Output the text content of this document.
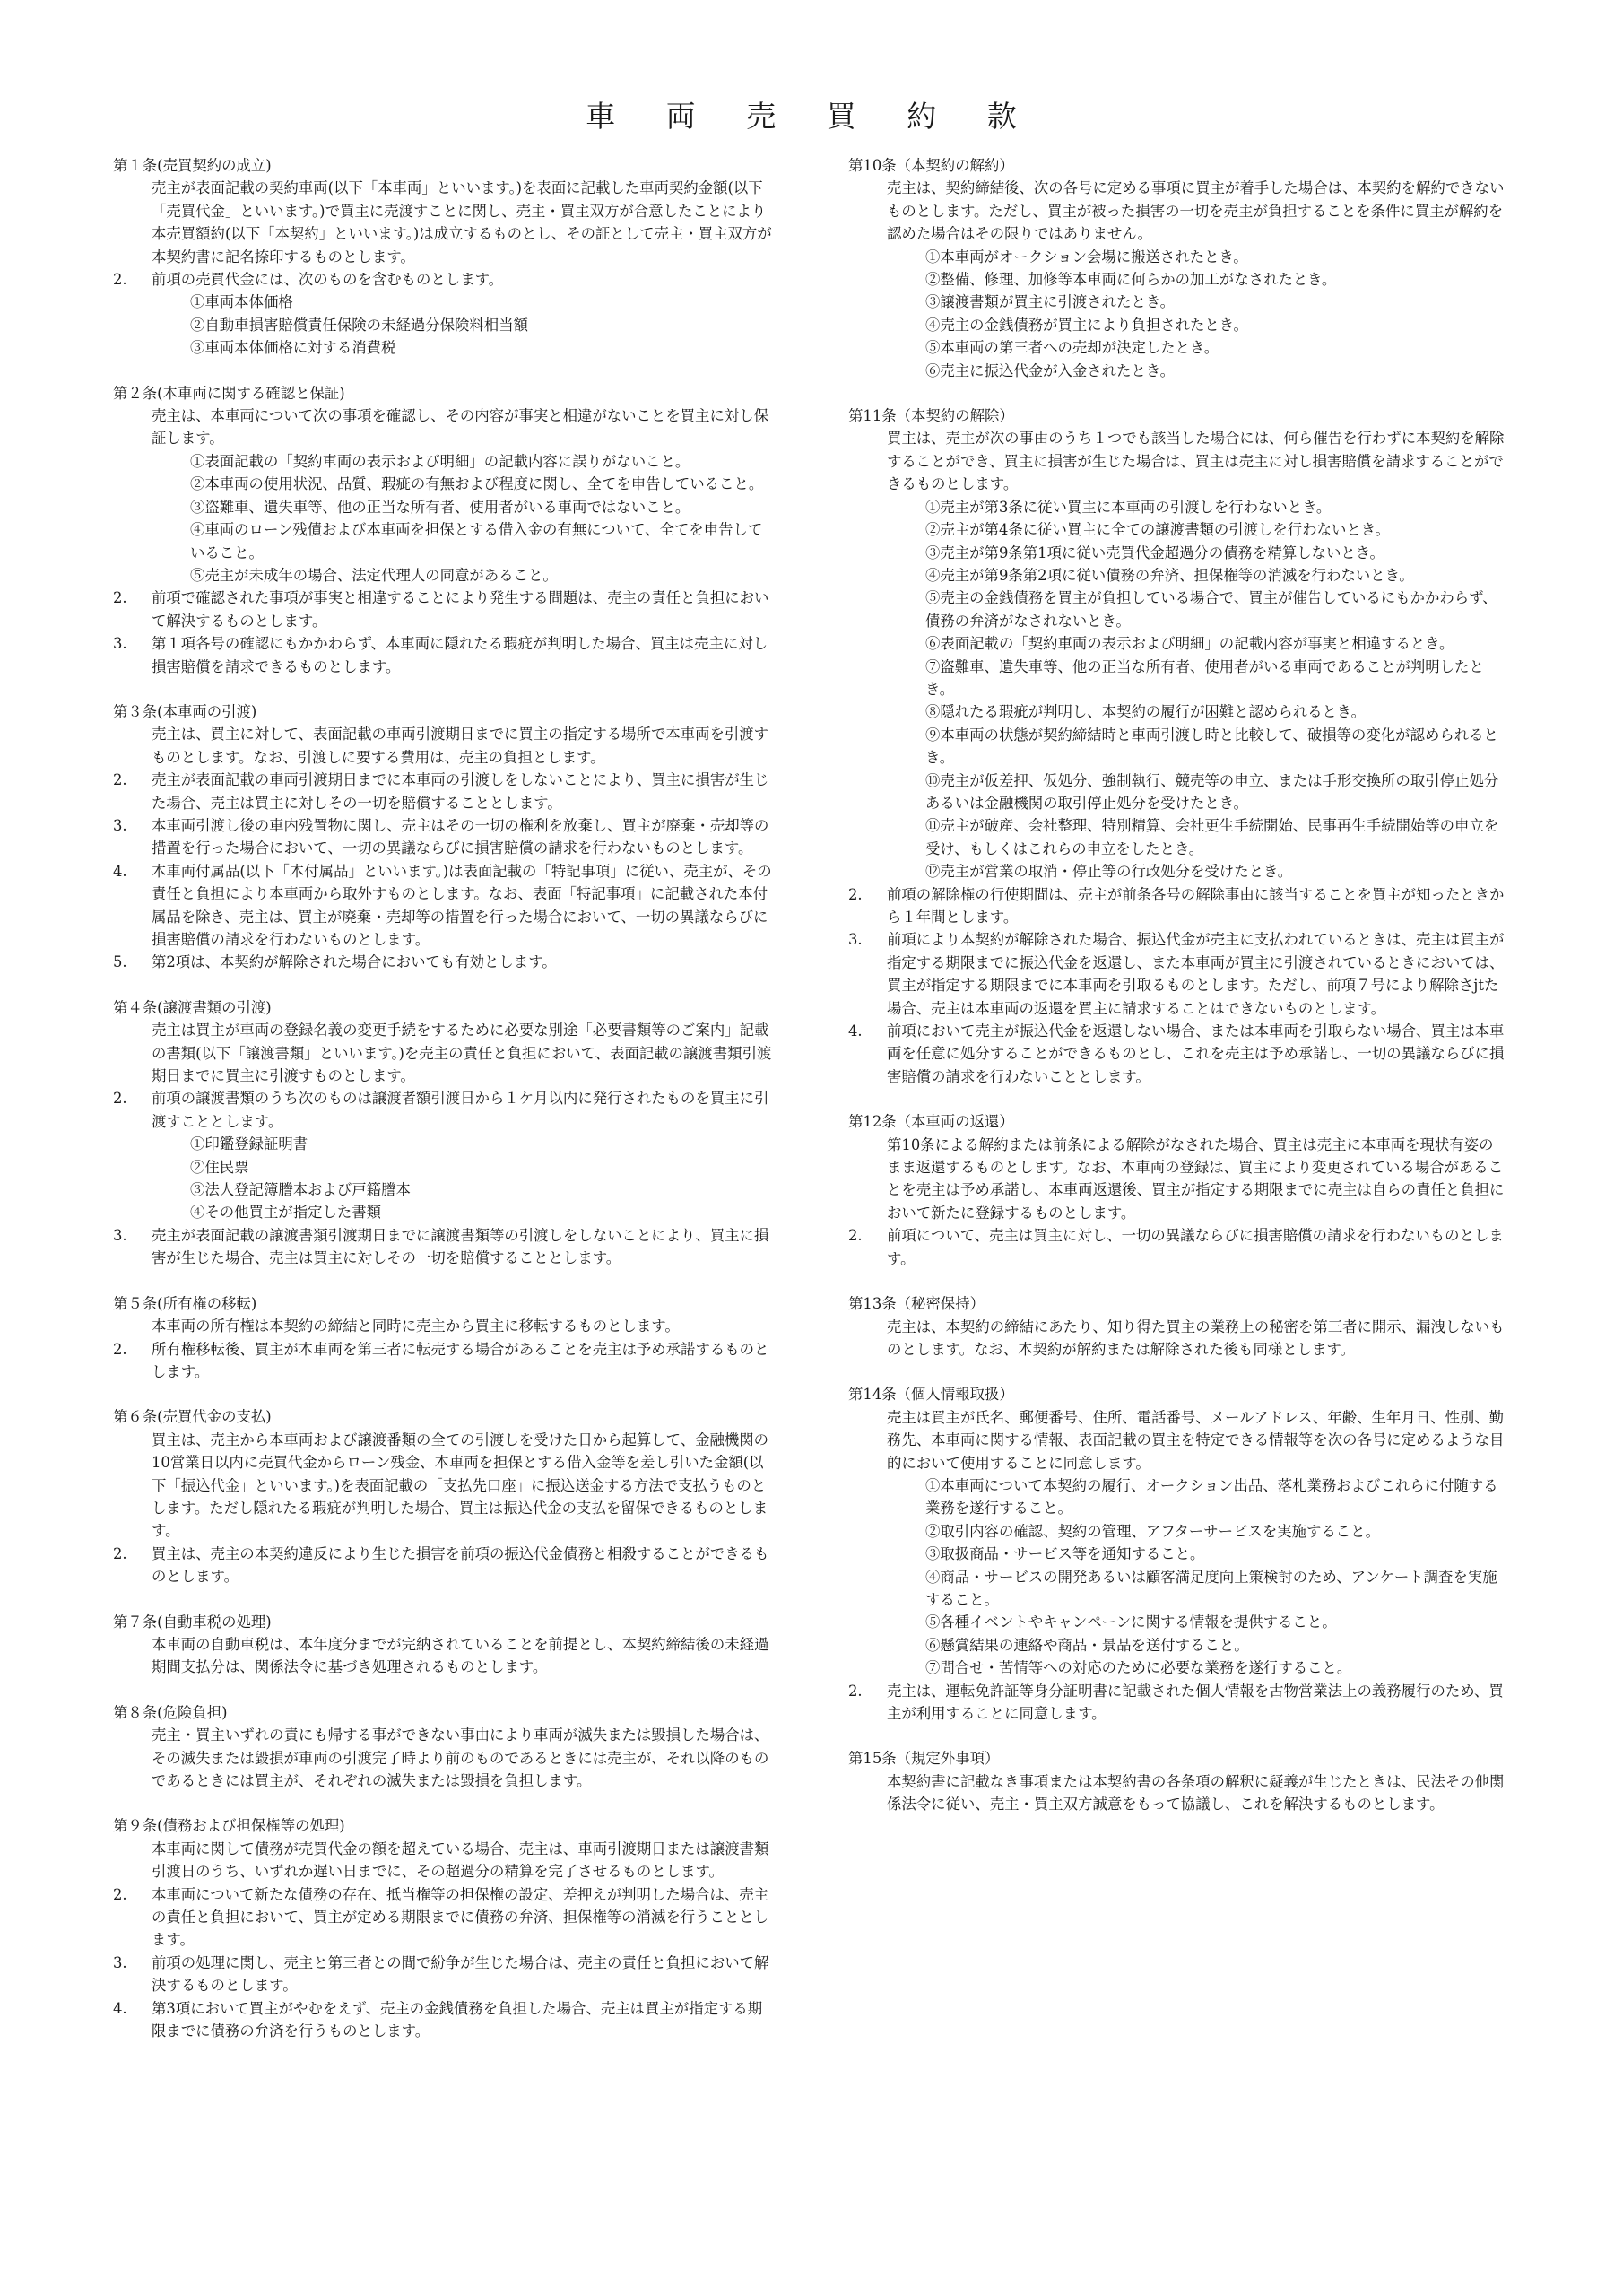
車 両 売 買 約 款
第１条(売買契約の成立)
売主が表面記載の契約車両(以下「本車両」といいます。)を表面に記載した車両契約金額(以下「売買代金」といいます。)で買主に売渡すことに関し、売主・買主双方が合意したことにより本売買額約(以下「本契約」といいます。)は成立するものとし、その証として売主・買主双方が本契約書に記名捺印するものとします。
2. 前項の売買代金には、次のものを含むものとします。
①車両本体価格
②自動車損害賠償責任保険の未経過分保険料相当額
③車両本体価格に対する消費税
第２条(本車両に関する確認と保証)
売主は、本車両について次の事項を確認し、その内容が事実と相違がないことを買主に対し保証します。
①表面記載の「契約車両の表示および明細」の記載内容に誤りがないこと。
②本車両の使用状況、品質、瑕疵の有無および程度に関し、全てを申告していること。
③盗難車、遺失車等、他の正当な所有者、使用者がいる車両ではないこと。
④車両のローン残債および本車両を担保とする借入金の有無について、全てを申告していること。
⑤売主が未成年の場合、法定代理人の同意があること。
2. 前項で確認された事項が事実と相違することにより発生する問題は、売主の責任と負担において解決するものとします。
3. 第１項各号の確認にもかかわらず、本車両に隠れたる瑕疵が判明した場合、買主は売主に対し損害賠償を請求できるものとします。
第３条(本車両の引渡)
売主は、買主に対して、表面記載の車両引渡期日までに買主の指定する場所で本車両を引渡すものとします。なお、引渡しに要する費用は、売主の負担とします。
2. 売主が表面記載の車両引渡期日までに本車両の引渡しをしないことにより、買主に損害が生じた場合、売主は買主に対しその一切を賠償することとします。
3. 本車両引渡し後の車内残置物に関し、売主はその一切の権利を放棄し、買主が廃棄・売却等の措置を行った場合において、一切の異議ならびに損害賠償の請求を行わないものとします。
4. 本車両付属品(以下「本付属品」といいます。)は表面記載の「特記事項」に従い、売主が、その責任と負担により本車両から取外すものとします。なお、表面「特記事項」に記載された本付属品を除き、売主は、買主が廃棄・売却等の措置を行った場合において、一切の異議ならびに損害賠償の請求を行わないものとします。
5. 第2項は、本契約が解除された場合においても有効とします。
第４条(譲渡書類の引渡)
売主は買主が車両の登録名義の変更手続をするために必要な別途「必要書類等のご案内」記載の書類(以下「譲渡書類」といいます。)を売主の責任と負担において、表面記載の譲渡書類引渡期日までに買主に引渡すものとします。
2. 前項の譲渡書類のうち次のものは譲渡者額引渡日から１ケ月以内に発行されたものを買主に引渡すこととします。
①印鑑登録証明書
②住民票
③法人登記簿謄本および戸籍謄本
④その他買主が指定した書類
3. 売主が表面記載の譲渡書類引渡期日までに譲渡書類等の引渡しをしないことにより、買主に損害が生じた場合、売主は買主に対しその一切を賠償することとします。
第５条(所有権の移転)
本車両の所有権は本契約の締結と同時に売主から買主に移転するものとします。
2. 所有権移転後、買主が本車両を第三者に転売する場合があることを売主は予め承諾するものとします。
第６条(売買代金の支払)
買主は、売主から本車両および譲渡番類の全ての引渡しを受けた日から起算して、金融機関の10営業日以内に売買代金からローン残金、本車両を担保とする借入金等を差し引いた金額(以下「振込代金」といいます。)を表面記載の「支払先口座」に振込送金する方法で支払うものとします。ただし隠れたる瑕疵が判明した場合、買主は振込代金の支払を留保できるものとします。
2. 買主は、売主の本契約違反により生じた損害を前項の振込代金債務と相殺することができるものとします。
第７条(自動車税の処理)
本車両の自動車税は、本年度分までが完納されていることを前提とし、本契約締結後の未経過期間支払分は、関係法令に基づき処理されるものとします。
第８条(危険負担)
売主・買主いずれの責にも帰する事ができない事由により車両が滅失または毀損した場合は、その滅失または毀損が車両の引渡完了時より前のものであるときには売主が、それ以降のものであるときには買主が、それぞれの滅失または毀損を負担します。
第９条(債務および担保権等の処理)
本車両に関して債務が売買代金の額を超えている場合、売主は、車両引渡期日または譲渡書類引渡日のうち、いずれか遅い日までに、その超過分の精算を完了させるものとします。
2. 本車両について新たな債務の存在、抵当権等の担保権の設定、差押えが判明した場合は、売主の責任と負担において、買主が定める期限までに債務の弁済、担保権等の消滅を行うこととします。
3. 前項の処理に関し、売主と第三者との間で紛争が生じた場合は、売主の責任と負担において解決するものとします。
4. 第3項において買主がやむをえず、売主の金銭債務を負担した場合、売主は買主が指定する期限までに債務の弁済を行うものとします。
第10条（本契約の解約）
売主は、契約締結後、次の各号に定める事項に買主が着手した場合は、本契約を解約できないものとします。ただし、買主が被った損害の一切を売主が負担することを条件に買主が解約を認めた場合はその限りではありません。
①本車両がオークション会場に搬送されたとき。
②整備、修理、加修等本車両に何らかの加工がなされたとき。
③譲渡書類が買主に引渡されたとき。
④売主の金銭債務が買主により負担されたとき。
⑤本車両の第三者への売却が決定したとき。
⑥売主に振込代金が入金されたとき。
第11条（本契約の解除）
買主は、売主が次の事由のうち１つでも該当した場合には、何ら催告を行わずに本契約を解除することができ、買主に損害が生じた場合は、買主は売主に対し損害賠償を請求することができるものとします。
①売主が第3条に従い買主に本車両の引渡しを行わないとき。
②売主が第4条に従い買主に全ての譲渡書類の引渡しを行わないとき。
③売主が第9条第1項に従い売買代金超過分の債務を精算しないとき。
④売主が第9条第2項に従い債務の弁済、担保権等の消滅を行わないとき。
⑤売主の金銭債務を買主が負担している場合で、買主が催告しているにもかかわらず、債務の弁済がなされないとき。
⑥表面記載の「契約車両の表示および明細」の記載内容が事実と相違するとき。
⑦盗難車、遺失車等、他の正当な所有者、使用者がいる車両であることが判明したとき。
⑧隠れたる瑕疵が判明し、本契約の履行が困難と認められるとき。
⑨本車両の状態が契約締結時と車両引渡し時と比較して、破損等の変化が認められるとき。
⑩売主が仮差押、仮処分、強制執行、競売等の申立、または手形交換所の取引停止処分あるいは金融機関の取引停止処分を受けたとき。
⑪売主が破産、会社整理、特別精算、会社更生手続開始、民事再生手続開始等の申立を受け、もしくはこれらの申立をしたとき。
⑫売主が営業の取消・停止等の行政処分を受けたとき。
2. 前項の解除権の行使期間は、売主が前条各号の解除事由に該当することを買主が知ったときから１年間とします。
3. 前項により本契約が解除された場合、振込代金が売主に支払われているときは、売主は買主が指定する期限までに振込代金を返還し、また本車両が買主に引渡されているときにおいては、買主が指定する期限までに本車両を引取るものとします。ただし、前項７号により解除さjtた場合、売主は本車両の返還を買主に請求することはできないものとします。
4. 前項において売主が振込代金を返還しない場合、または本車両を引取らない場合、買主は本車両を任意に処分することができるものとし、これを売主は予め承諾し、一切の異議ならびに損害賠償の請求を行わないこととします。
第12条（本車両の返還）
第10条による解約または前条による解除がなされた場合、買主は売主に本車両を現状有姿のまま返還するものとします。なお、本車両の登録は、買主により変更されている場合があることを売主は予め承諾し、本車両返還後、買主が指定する期限までに売主は自らの責任と負担において新たに登録するものとします。
2. 前項について、売主は買主に対し、一切の異議ならびに損害賠償の請求を行わないものとします。
第13条（秘密保持）
売主は、本契約の締結にあたり、知り得た買主の業務上の秘密を第三者に開示、漏洩しないものとします。なお、本契約が解約または解除された後も同様とします。
第14条（個人情報取扱）
売主は買主が氏名、郵便番号、住所、電話番号、メールアドレス、年齢、生年月日、性別、勤務先、本車両に関する情報、表面記載の買主を特定できる情報等を次の各号に定めるような目的において使用することに同意します。
①本車両について本契約の履行、オークション出品、落札業務およびこれらに付随する業務を遂行すること。
②取引内容の確認、契約の管理、アフターサービスを実施すること。
③取扱商品・サービス等を通知すること。
④商品・サービスの開発あるいは顧客満足度向上策検討のため、アンケート調査を実施すること。
⑤各種イベントやキャンペーンに関する情報を提供すること。
⑥懸賞結果の連絡や商品・景品を送付すること。
⑦問合せ・苦情等への対応のために必要な業務を遂行すること。
2. 売主は、運転免許証等身分証明書に記載された個人情報を古物営業法上の義務履行のため、買主が利用することに同意します。
第15条（規定外事項）
本契約書に記載なき事項または本契約書の各条項の解釈に疑義が生じたときは、民法その他関係法令に従い、売主・買主双方誠意をもって協議し、これを解決するものとします。
